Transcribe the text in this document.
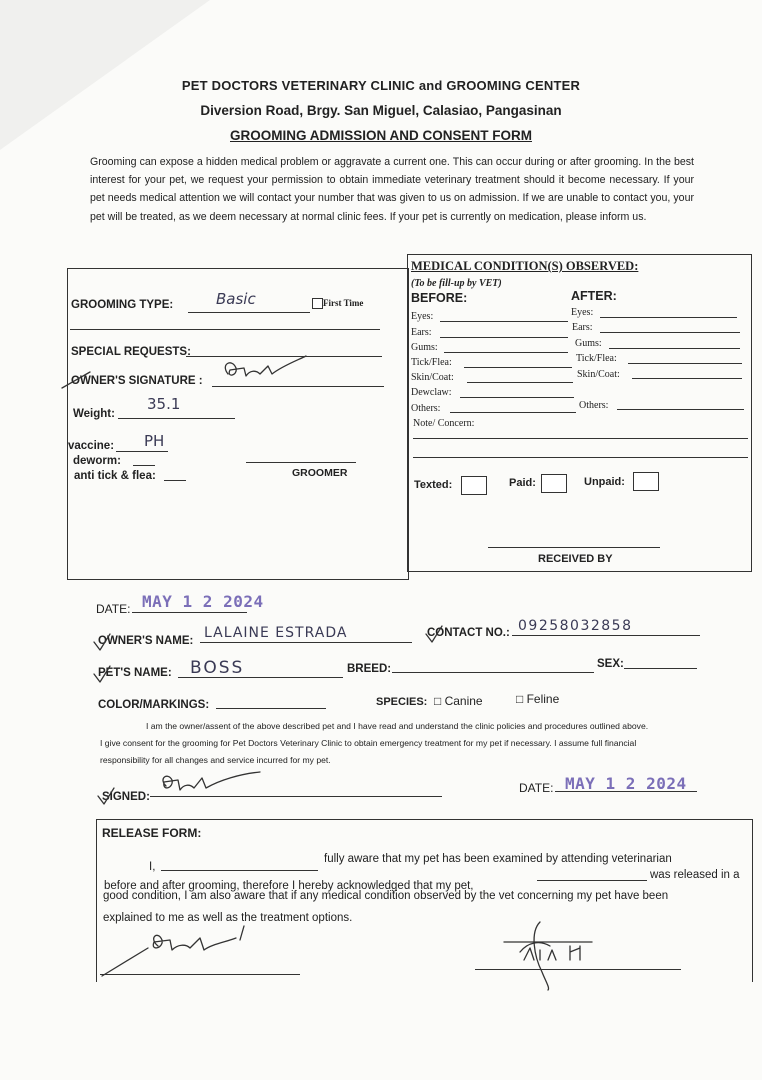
PET DOCTORS VETERINARY CLINIC and GROOMING CENTER
Diversion Road, Brgy. San Miguel, Calasiao, Pangasinan
GROOMING ADMISSION AND CONSENT FORM
Grooming can expose a hidden medical problem or aggravate a current one. This can occur during or after grooming. In the best interest for your pet, we request your permission to obtain immediate veterinary treatment should it become necessary. If your pet needs medical attention we will contact your number that was given to us on admission. If we are unable to contact you, your pet will be treated, as we deem necessary at normal clinic fees. If your pet is currently on medication, please inform us.
GROOMING TYPE:	Basic	First Time
SPECIAL REQUESTS:
OWNER'S SIGNATURE :
Weight:
35.1
vaccine: PH
deworm:
anti tick & flea:	GROOMER
MEDICAL CONDITION(S) OBSERVED:
(To be fill-up by VET)
BEFORE:	AFTER:
Eyes:
Ears:
Gums:
Tick/Flea:
Skin/Coat:
Dewclaw:
Others:
Eyes:
Ears:
Gums:
Tick/Flea:
Skin/Coat:
Others:
Note/ Concern:
Texted:	Paid:	Unpaid:
RECEIVED BY
DATE: MAY 1 2 2024
OWNER'S NAME: LALAINE ESTRADA	CONTACT NO.: 09258032858
PET'S NAME: BOSS	BREED:	SEX:
COLOR/MARKINGS:	SPECIES: □ Canine	□ Feline
I am the owner/assent of the above described pet and I have read and understand the clinic policies and procedures outlined above.
I give consent for the grooming for Pet Doctors Veterinary Clinic to obtain emergency treatment for my pet if necessary. I assume full financial
responsibility for all changes and service incurred for my pet.
SIGNED:
DATE: MAY 1 2 2024
RELEASE FORM:
I,
fully aware that my pet has been examined by attending veterinarian
before and after grooming, therefore I hereby acknowledged that my pet,
was released in a
good condition, I am also aware that if any medical condition observed by the vet concerning my pet have been
explained to me as well as the treatment options.
